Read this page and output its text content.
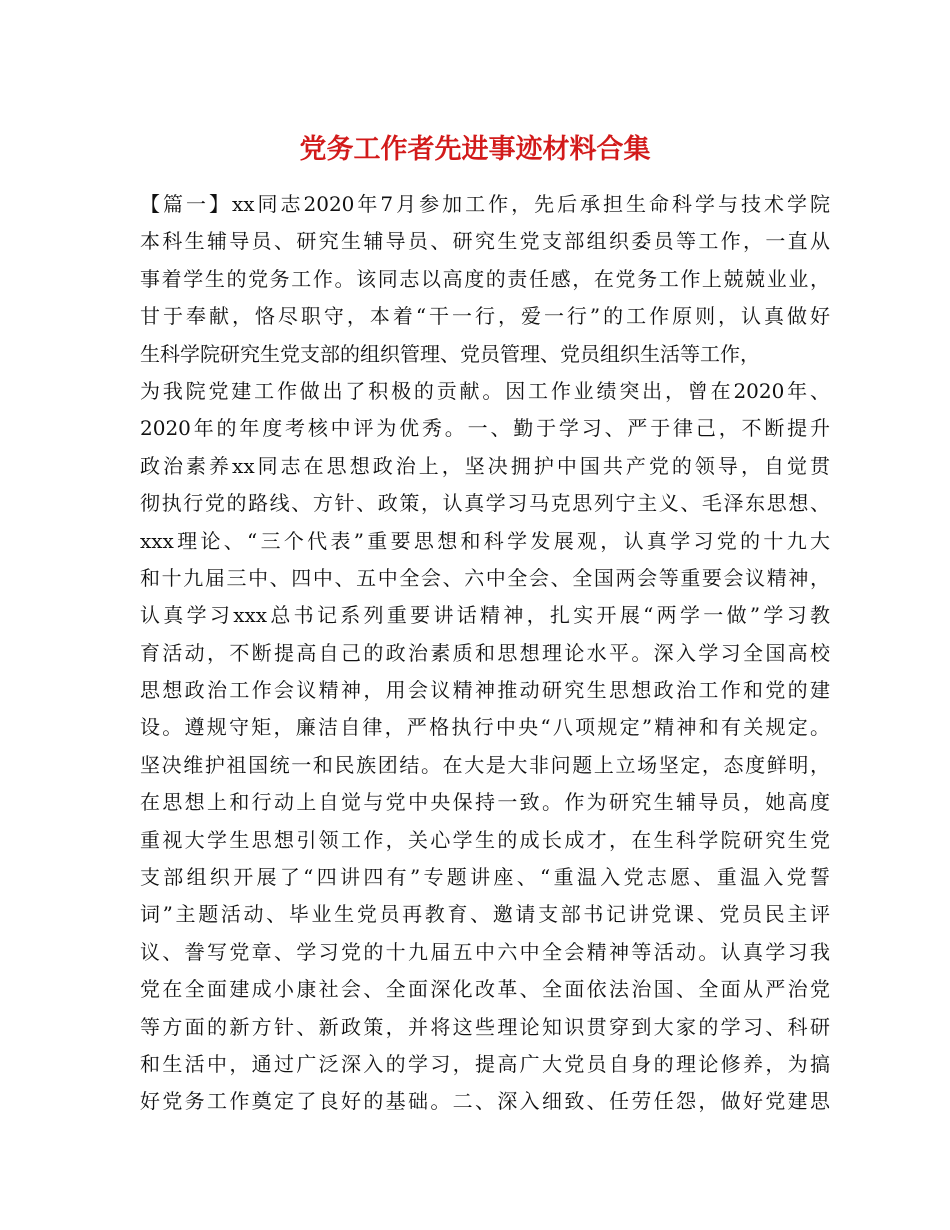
党务工作者先进事迹材料合集
【篇一】xx同志2020年7月参加工作，先后承担生命科学与技术学院
本科生辅导员、研究生辅导员、研究生党支部组织委员等工作，一直从
事着学生的党务工作。该同志以高度的责任感，在党务工作上兢兢业业，
甘于奉献，恪尽职守，本着“干一行，爱一行”的工作原则，认真做好
生科学院研究生党支部的组织管理、党员管理、党员组织生活等工作，
为我院党建工作做出了积极的贡献。因工作业绩突出，曾在2020年、
2020年的年度考核中评为优秀。一、勤于学习、严于律己，不断提升
政治素养xx同志在思想政治上，坚决拥护中国共产党的领导，自觉贯
彻执行党的路线、方针、政策，认真学习马克思列宁主义、毛泽东思想、
xxx理论、“三个代表”重要思想和科学发展观，认真学习党的十九大
和十九届三中、四中、五中全会、六中全会、全国两会等重要会议精神，
认真学习xxx总书记系列重要讲话精神，扎实开展“两学一做”学习教
育活动，不断提高自己的政治素质和思想理论水平。深入学习全国高校
思想政治工作会议精神，用会议精神推动研究生思想政治工作和党的建
设。遵规守矩，廉洁自律，严格执行中央“八项规定”精神和有关规定。
坚决维护祖国统一和民族团结。在大是大非问题上立场坚定，态度鲜明，
在思想上和行动上自觉与党中央保持一致。作为研究生辅导员，她高度
重视大学生思想引领工作，关心学生的成长成才，在生科学院研究生党
支部组织开展了“四讲四有”专题讲座、“重温入党志愿、重温入党誓
词”主题活动、毕业生党员再教育、邀请支部书记讲党课、党员民主评
议、誊写党章、学习党的十九届五中六中全会精神等活动。认真学习我
党在全面建成小康社会、全面深化改革、全面依法治国、全面从严治党
等方面的新方针、新政策，并将这些理论知识贯穿到大家的学习、科研
和生活中，通过广泛深入的学习，提高广大党员自身的理论修养，为搞
好党务工作奠定了良好的基础。二、深入细致、任劳任怨，做好党建思
